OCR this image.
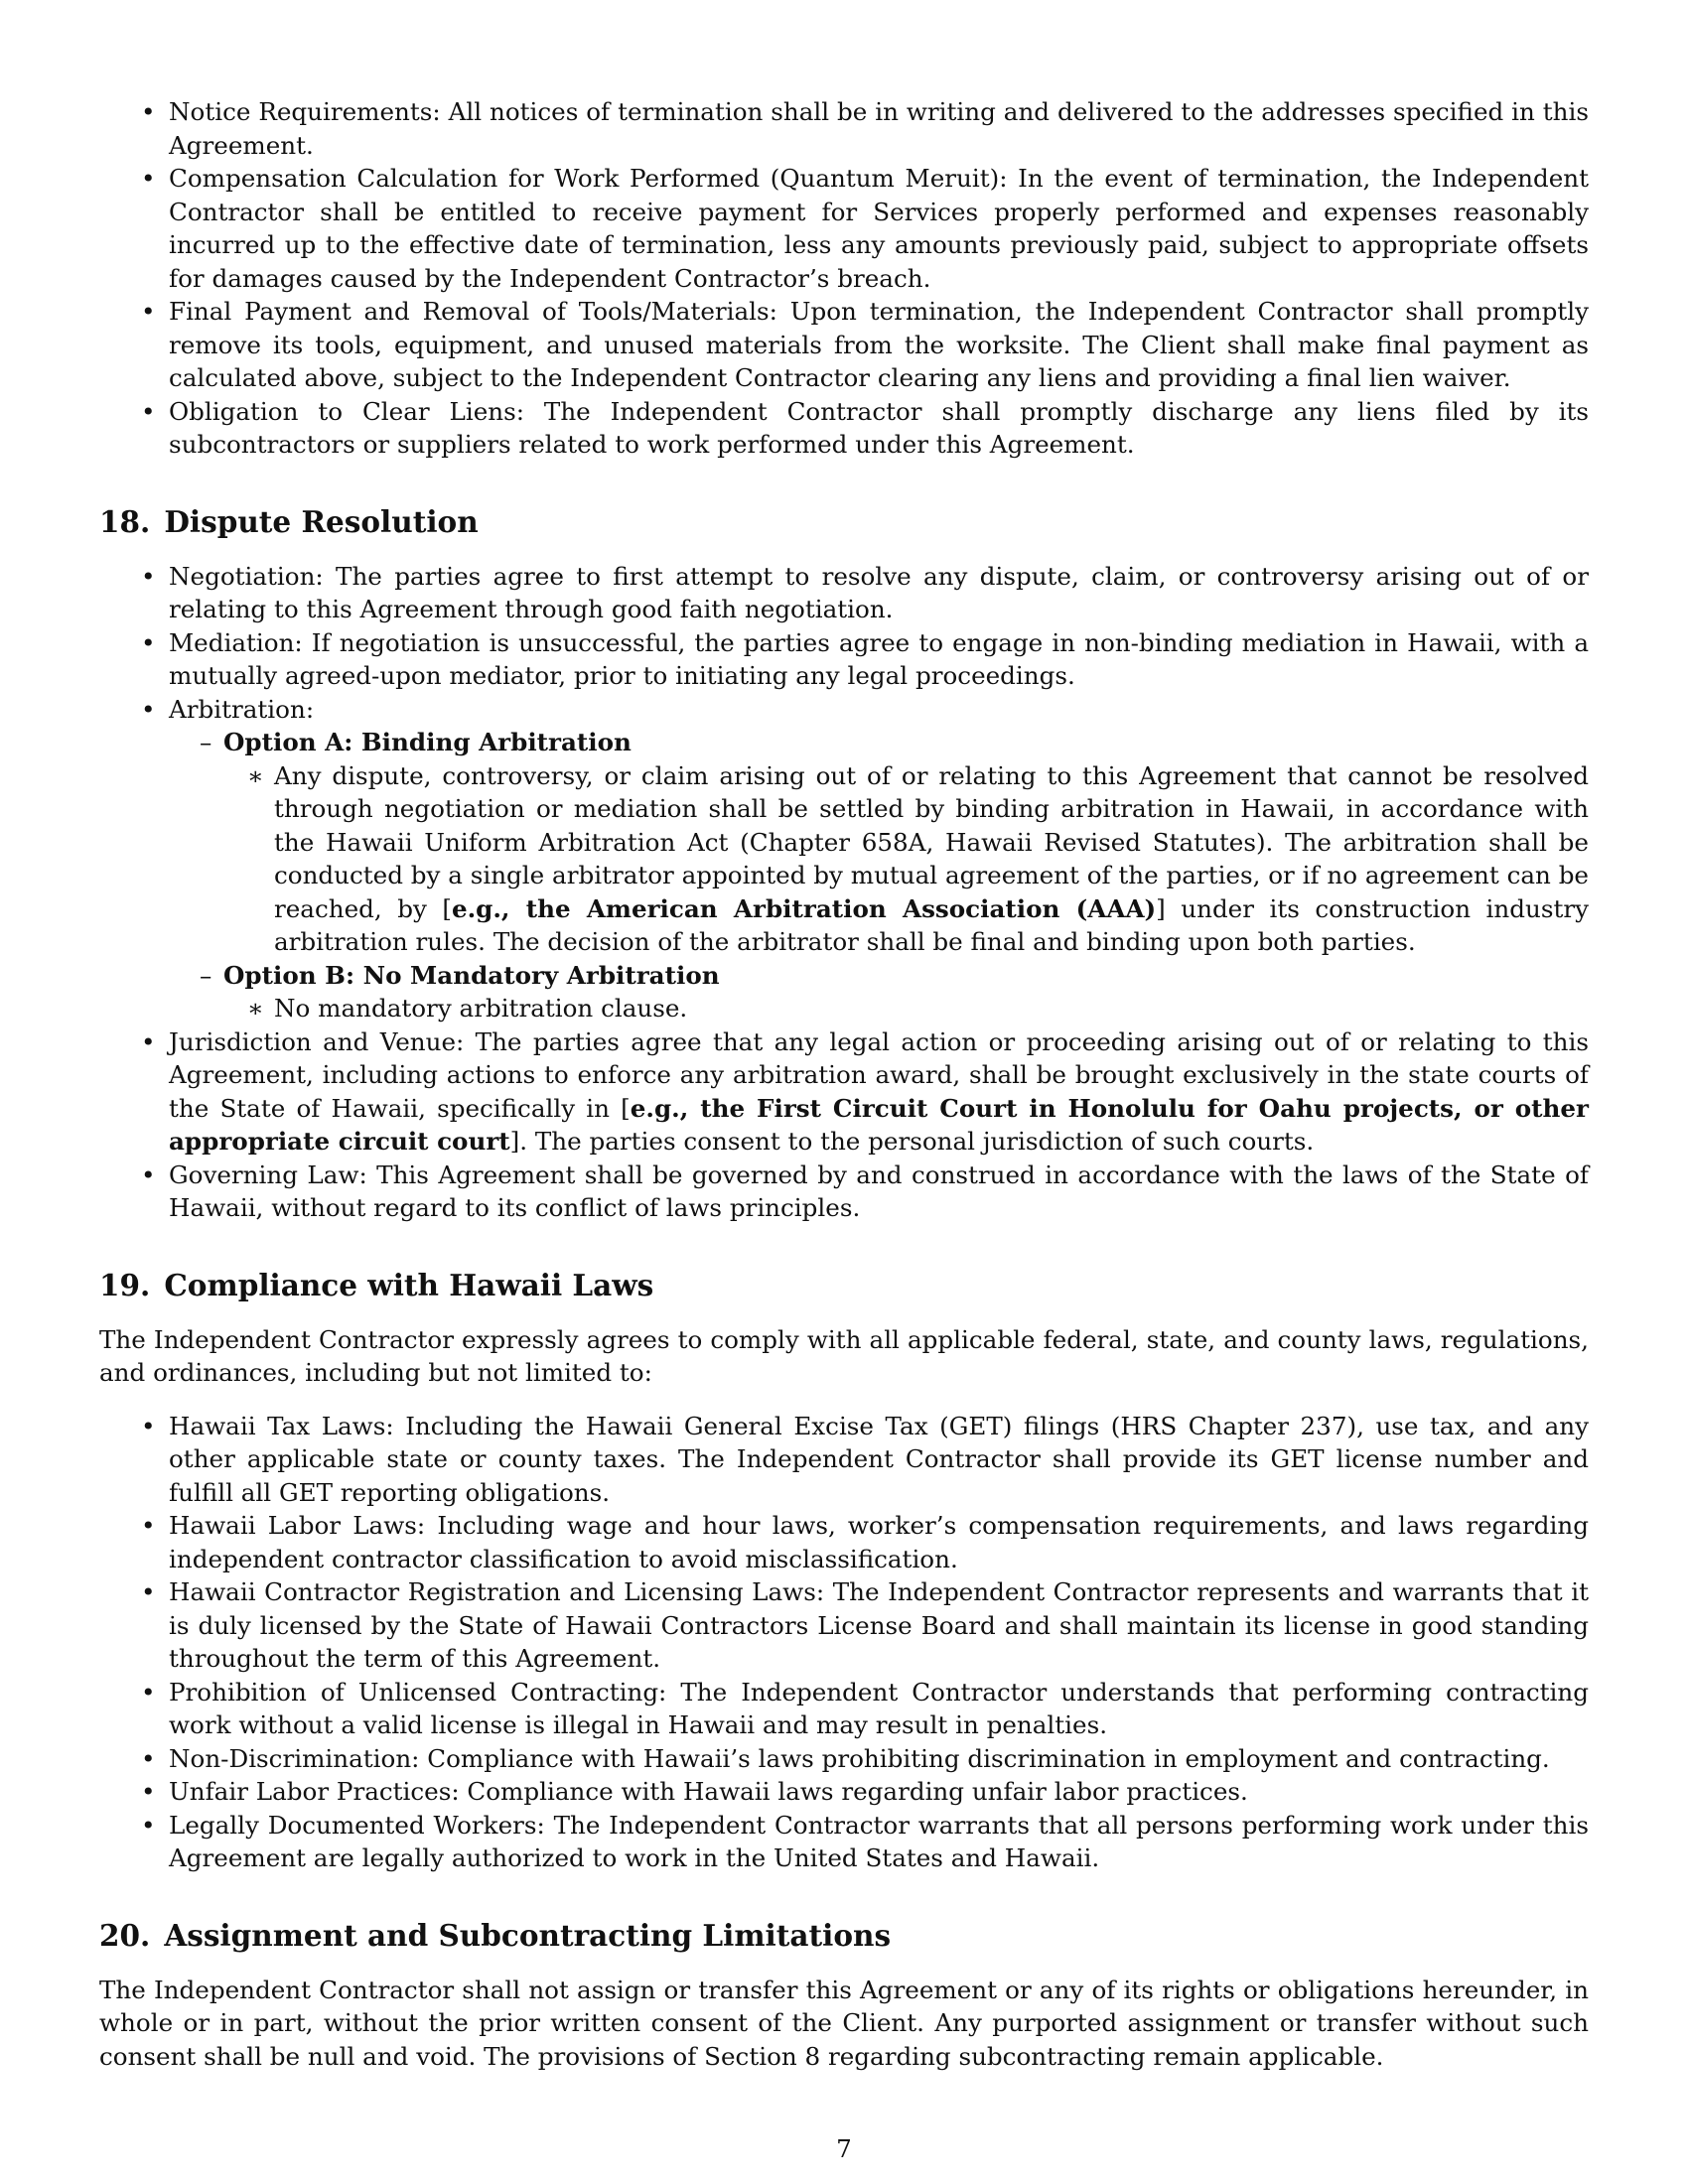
• Notice Requirements: All notices of termination shall be in writing and delivered to the addresses specified in this Agreement.
• Compensation Calculation for Work Performed (Quantum Meruit): In the event of termination, the Independent Contractor shall be entitled to receive payment for Services properly performed and expenses reasonably incurred up to the effective date of termination, less any amounts previously paid, subject to appropriate offsets for damages caused by the Independent Contractor’s breach.
• Final Payment and Removal of Tools/Materials: Upon termination, the Independent Contractor shall promptly remove its tools, equipment, and unused materials from the worksite. The Client shall make final payment as calculated above, subject to the Independent Contractor clearing any liens and providing a final lien waiver.
• Obligation to Clear Liens: The Independent Contractor shall promptly discharge any liens filed by its subcontractors or suppliers related to work performed under this Agreement.
18. Dispute Resolution
• Negotiation: The parties agree to first attempt to resolve any dispute, claim, or controversy arising out of or relating to this Agreement through good faith negotiation.
• Mediation: If negotiation is unsuccessful, the parties agree to engage in non-binding mediation in Hawaii, with a mutually agreed-upon mediator, prior to initiating any legal proceedings.
• Arbitration:
– Option A: Binding Arbitration
∗ Any dispute, controversy, or claim arising out of or relating to this Agreement that cannot be resolved through negotiation or mediation shall be settled by binding arbitration in Hawaii, in accordance with the Hawaii Uniform Arbitration Act (Chapter 658A, Hawaii Revised Statutes). The arbitration shall be conducted by a single arbitrator appointed by mutual agreement of the parties, or if no agreement can be reached, by [e.g., the American Arbitration Association (AAA)] under its construction industry arbitration rules. The decision of the arbitrator shall be final and binding upon both parties.
– Option B: No Mandatory Arbitration
∗ No mandatory arbitration clause.
• Jurisdiction and Venue: The parties agree that any legal action or proceeding arising out of or relating to this Agreement, including actions to enforce any arbitration award, shall be brought exclusively in the state courts of the State of Hawaii, specifically in [e.g., the First Circuit Court in Honolulu for Oahu projects, or other appropriate circuit court]. The parties consent to the personal jurisdiction of such courts.
• Governing Law: This Agreement shall be governed by and construed in accordance with the laws of the State of Hawaii, without regard to its conflict of laws principles.
19. Compliance with Hawaii Laws

The Independent Contractor expressly agrees to comply with all applicable federal, state, and county laws, regulations, and ordinances, including but not limited to:

• Hawaii Tax Laws: Including the Hawaii General Excise Tax (GET) filings (HRS Chapter 237), use tax, and any other applicable state or county taxes. The Independent Contractor shall provide its GET license number and fulfill all GET reporting obligations.
• Hawaii Labor Laws: Including wage and hour laws, worker’s compensation requirements, and laws regarding independent contractor classification to avoid misclassification.
• Hawaii Contractor Registration and Licensing Laws: The Independent Contractor represents and warrants that it is duly licensed by the State of Hawaii Contractors License Board and shall maintain its license in good standing throughout the term of this Agreement.
• Prohibition of Unlicensed Contracting: The Independent Contractor understands that performing contracting work without a valid license is illegal in Hawaii and may result in penalties.
• Non-Discrimination: Compliance with Hawaii’s laws prohibiting discrimination in employment and contracting.
• Unfair Labor Practices: Compliance with Hawaii laws regarding unfair labor practices.
• Legally Documented Workers: The Independent Contractor warrants that all persons performing work under this Agreement are legally authorized to work in the United States and Hawaii.
20. Assignment and Subcontracting Limitations

The Independent Contractor shall not assign or transfer this Agreement or any of its rights or obligations hereunder, in whole or in part, without the prior written consent of the Client. Any purported assignment or transfer without such consent shall be null and void. The provisions of Section 8 regarding subcontracting remain applicable.

7
